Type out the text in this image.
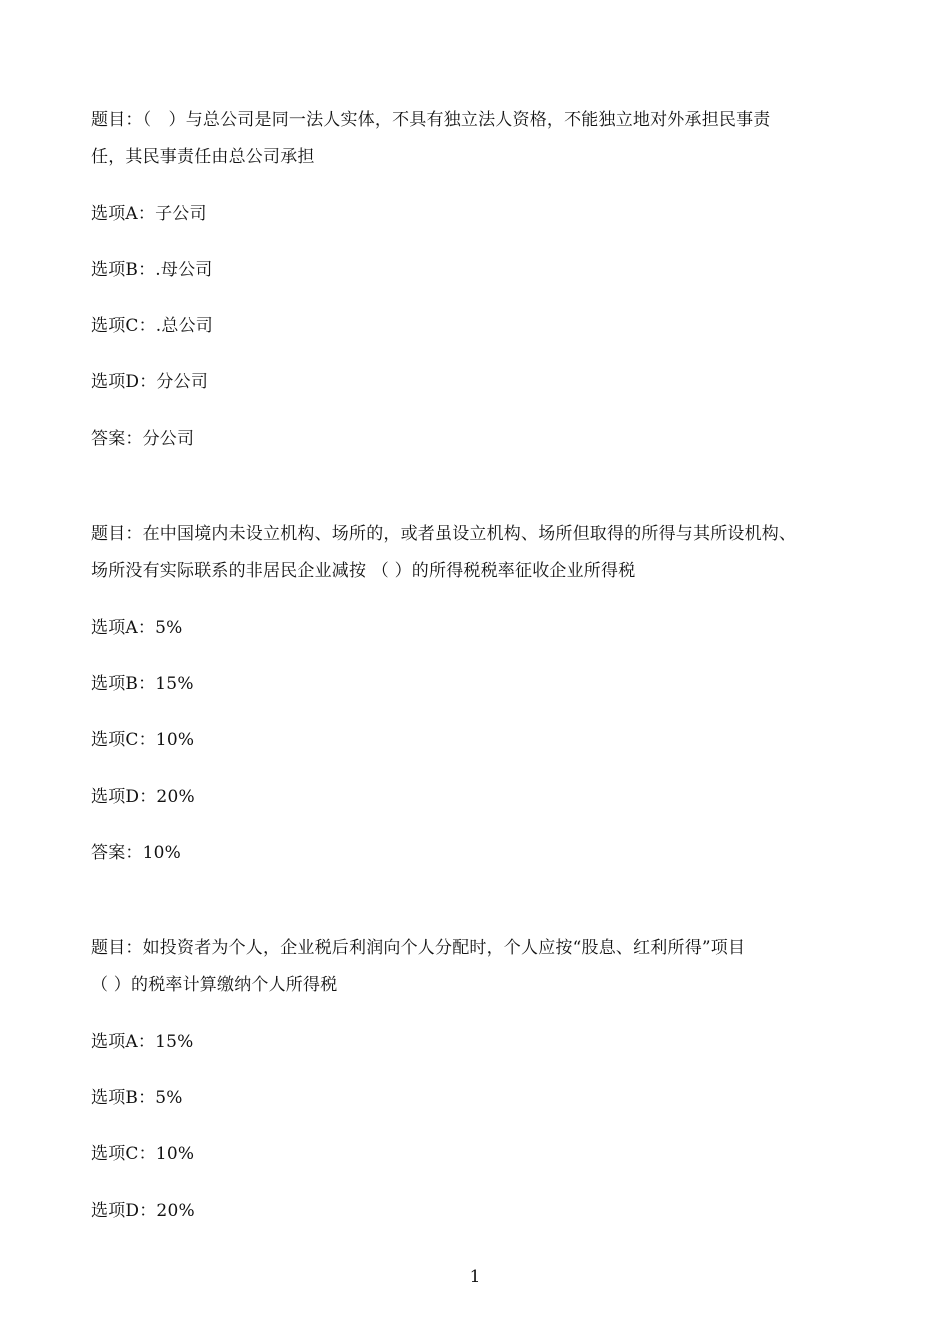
题目：（　）与总公司是同一法人实体，不具有独立法人资格，不能独立地对外承担民事责
任，其民事责任由总公司承担
选项A：子公司
选项B：.母公司
选项C：.总公司
选项D：分公司
答案：分公司
题目：在中国境内未设立机构、场所的，或者虽设立机构、场所但取得的所得与其所设机构、
场所没有实际联系的非居民企业减按 （ ）的所得税税率征收企业所得税
选项A：5%
选项B：15%
选项C：10%
选项D：20%
答案：10%
题目：如投资者为个人，企业税后利润向个人分配时，个人应按“股息、红利所得”项目
（ ）的税率计算缴纳个人所得税
选项A：15%
选项B：5%
选项C：10%
选项D：20%
1
